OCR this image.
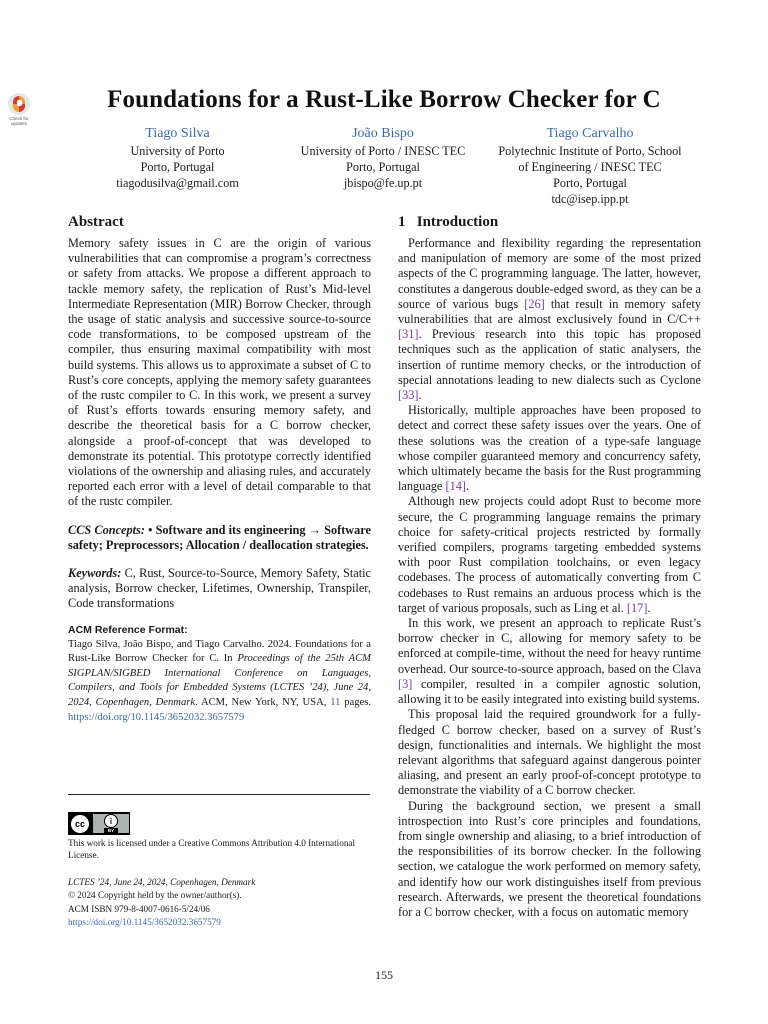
Check for
updates
Foundations for a Rust-Like Borrow Checker for C
Tiago Silva
University of Porto
Porto, Portugal
tiagodusilva@gmail.com
João Bispo
University of Porto / INESC TEC
Porto, Portugal
jbispo@fe.up.pt
Tiago Carvalho
Polytechnic Institute of Porto, School
of Engineering / INESC TEC
Porto, Portugal
tdc@isep.ipp.pt
Abstract

Memory safety issues in C are the origin of various vulnerabilities that can compromise a program’s correctness or safety from attacks. We propose a different approach to tackle memory safety, the replication of Rust’s Mid-level Intermediate Representation (MIR) Borrow Checker, through the usage of static analysis and successive source-to-source code transformations, to be composed upstream of the compiler, thus ensuring maximal compatibility with most build systems. This allows us to approximate a subset of C to Rust’s core concepts, applying the memory safety guarantees of the rustc compiler to C. In this work, we present a survey of Rust’s efforts towards ensuring memory safety, and describe the theoretical basis for a C borrow checker, alongside a proof-of-concept that was developed to demonstrate its potential. This prototype correctly identified violations of the ownership and aliasing rules, and accurately reported each error with a level of detail comparable to that of the rustc compiler.

CCS Concepts: • Software and its engineering → Software safety; Preprocessors; Allocation / deallocation strategies.

Keywords: C, Rust, Source-to-Source, Memory Safety, Static analysis, Borrow checker, Lifetimes, Ownership, Transpiler, Code transformations

ACM Reference Format:

Tiago Silva, João Bispo, and Tiago Carvalho. 2024. Foundations for a Rust-Like Borrow Checker for C. In Proceedings of the 25th ACM SIGPLAN/SIGBED International Conference on Languages, Compilers, and Tools for Embedded Systems (LCTES ’24), June 24, 2024, Copenhagen, Denmark. ACM, New York, NY, USA, 11 pages. https://doi.org/10.1145/3652032.3657579

cc	i
BY

This work is licensed under a Creative Commons Attribution 4.0 International License.

LCTES ’24, June 24, 2024, Copenhagen, Denmark
© 2024 Copyright held by the owner/author(s).
ACM ISBN 979-8-4007-0616-5/24/06
https://doi.org/10.1145/3652032.3657579
1 Introduction

Performance and flexibility regarding the representation and manipulation of memory are some of the most prized aspects of the C programming language. The latter, however, constitutes a dangerous double-edged sword, as they can be a source of various bugs [26] that result in memory safety vulnerabilities that are almost exclusively found in C/C++ [31]. Previous research into this topic has proposed techniques such as the application of static analysers, the insertion of runtime memory checks, or the introduction of special annotations leading to new dialects such as Cyclone [33].

Historically, multiple approaches have been proposed to detect and correct these safety issues over the years. One of these solutions was the creation of a type-safe language whose compiler guaranteed memory and concurrency safety, which ultimately became the basis for the Rust programming language [14].

Although new projects could adopt Rust to become more secure, the C programming language remains the primary choice for safety-critical projects restricted by formally verified compilers, programs targeting embedded systems with poor Rust compilation toolchains, or even legacy codebases. The process of automatically converting from C codebases to Rust remains an arduous process which is the target of various proposals, such as Ling et al. [17].

In this work, we present an approach to replicate Rust’s borrow checker in C, allowing for memory safety to be enforced at compile-time, without the need for heavy runtime overhead. Our source-to-source approach, based on the Clava [3] compiler, resulted in a compiler agnostic solution, allowing it to be easily integrated into existing build systems.

This proposal laid the required groundwork for a fully-fledged C borrow checker, based on a survey of Rust’s design, functionalities and internals. We highlight the most relevant algorithms that safeguard against dangerous pointer aliasing, and present an early proof-of-concept prototype to demonstrate the viability of a C borrow checker.

During the background section, we present a small introspection into Rust’s core principles and foundations, from single ownership and aliasing, to a brief introduction of the responsibilities of its borrow checker. In the following section, we catalogue the work performed on memory safety, and identify how our work distinguishes itself from previous research. Afterwards, we present the theoretical foundations for a C borrow checker, with a focus on automatic memory

155
